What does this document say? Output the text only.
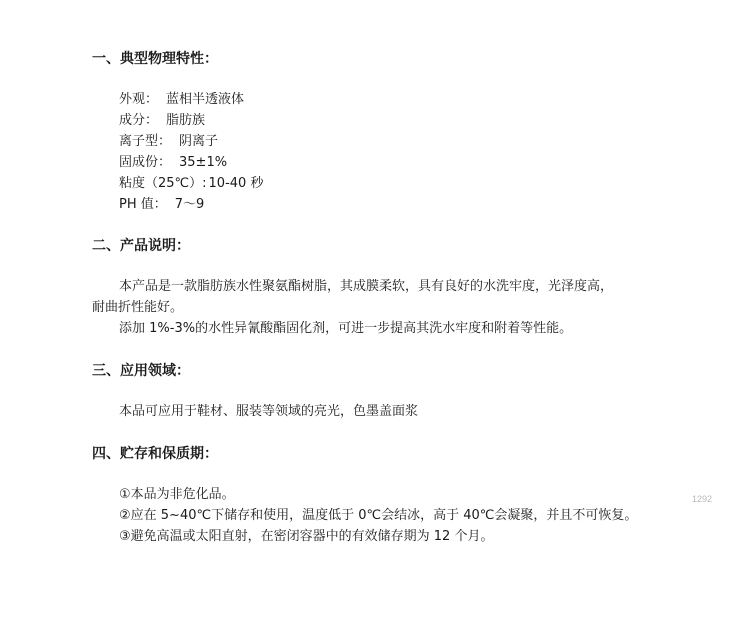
一、典型物理特性：
外观： 蓝相半透液体
成分： 脂肪族
离子型： 阴离子
固成份： 35±1%
粘度（25℃）: 10-40 秒
PH 值： 7～9
二、产品说明：
本产品是一款脂肪族水性聚氨酯树脂，其成膜柔软，具有良好的水洗牢度，光泽度高，
耐曲折性能好。
添加 1%-3%的水性异氰酸酯固化剂，可进一步提高其洗水牢度和附着等性能。
三、应用领域：
本品可应用于鞋材、服装等领域的亮光，色墨盖面浆
四、贮存和保质期：
①本品为非危化品。
②应在 5~40℃下储存和使用，温度低于 0℃会结冰，高于 40℃会凝聚，并且不可恢复。
③避免高温或太阳直射，在密闭容器中的有效储存期为 12 个月。
1292
